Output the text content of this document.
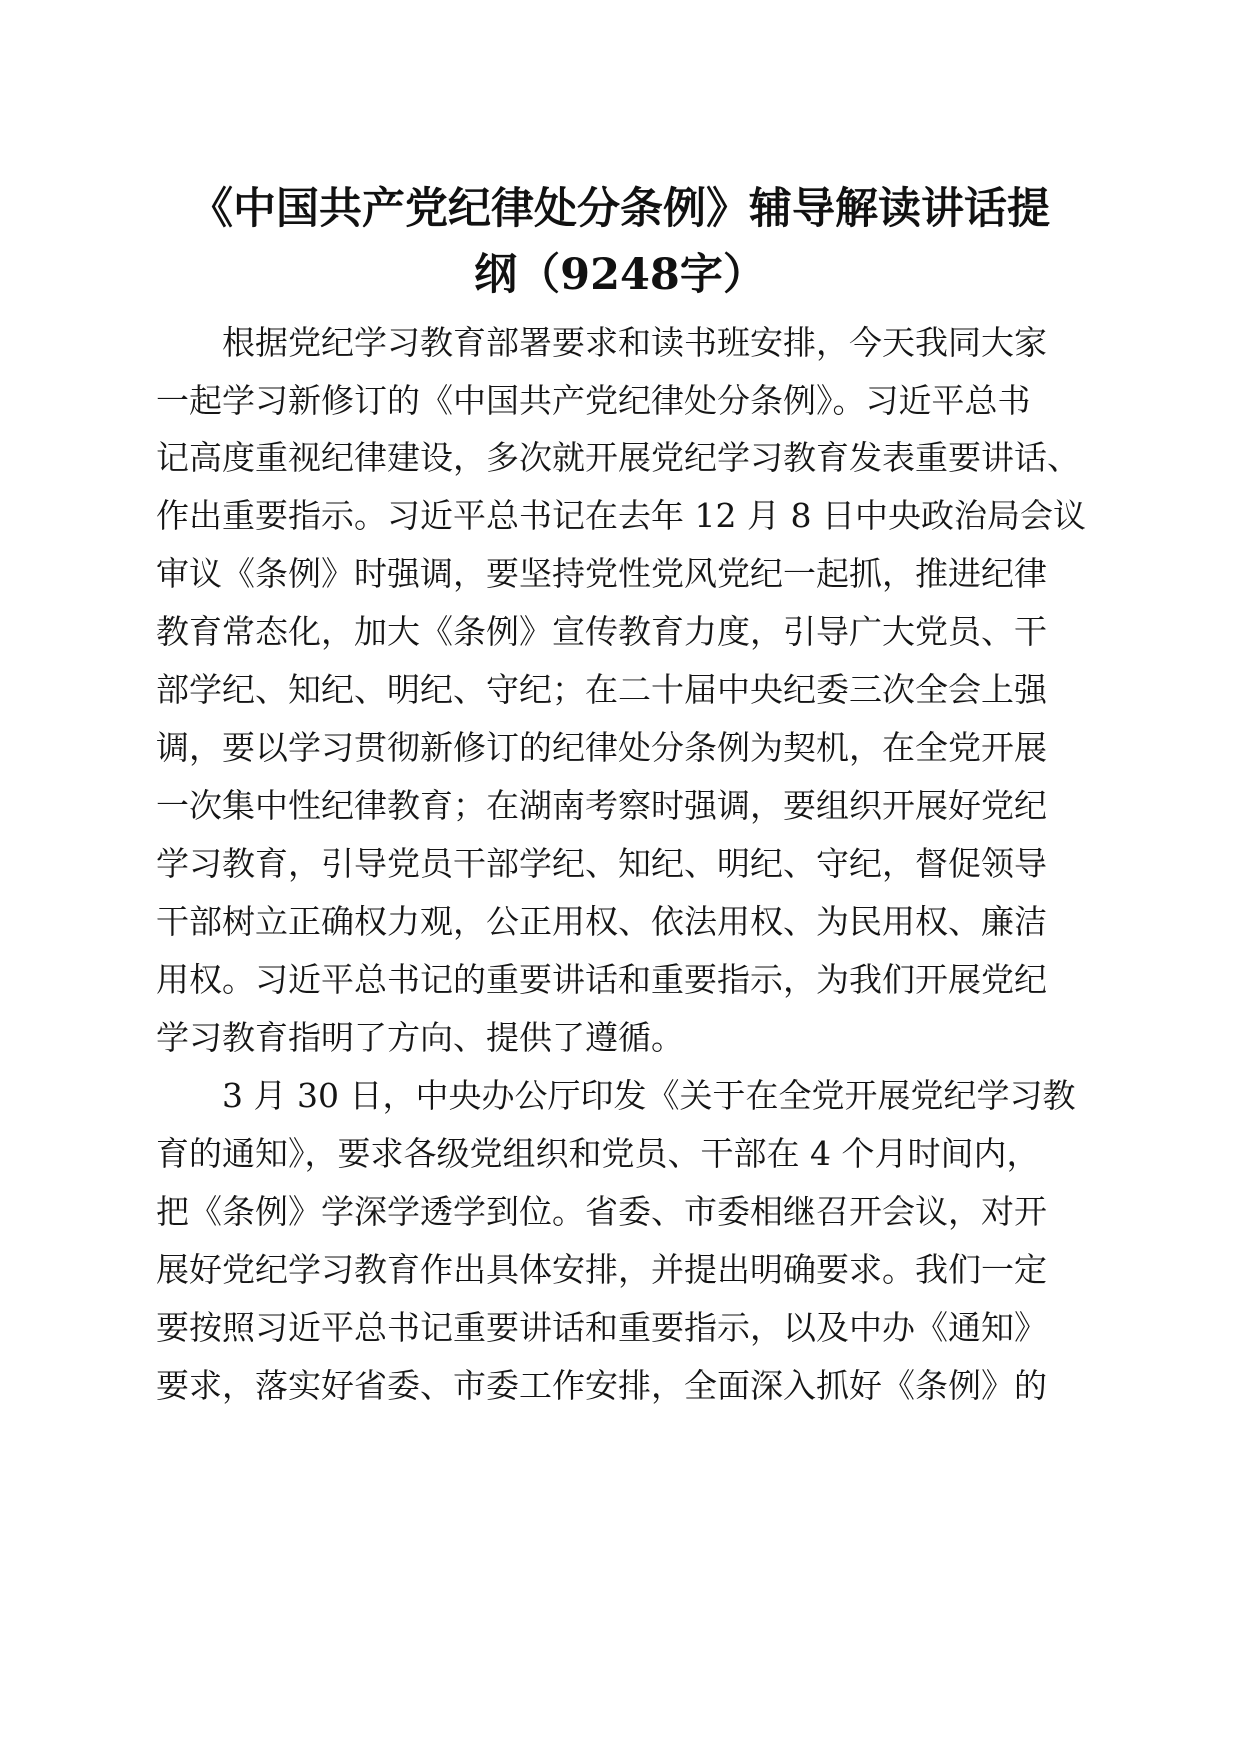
《中国共产党纪律处分条例》辅导解读讲话提
纲（9248字）

根据党纪学习教育部署要求和读书班安排，今天我同大家

一起学习新修订的《中国共产党纪律处分条例》。习近平总书

记高度重视纪律建设，多次就开展党纪学习教育发表重要讲话、

作出重要指示。习近平总书记在去年 12 月 8 日中央政治局会议

审议《条例》时强调，要坚持党性党风党纪一起抓，推进纪律

教育常态化，加大《条例》宣传教育力度，引导广大党员、干

部学纪、知纪、明纪、守纪；在二十届中央纪委三次全会上强

调，要以学习贯彻新修订的纪律处分条例为契机，在全党开展

一次集中性纪律教育；在湖南考察时强调，要组织开展好党纪

学习教育，引导党员干部学纪、知纪、明纪、守纪，督促领导

干部树立正确权力观，公正用权、依法用权、为民用权、廉洁

用权。习近平总书记的重要讲话和重要指示，为我们开展党纪

学习教育指明了方向、提供了遵循。

3 月 30 日，中央办公厅印发《关于在全党开展党纪学习教

育的通知》，要求各级党组织和党员、干部在 4 个月时间内，

把《条例》学深学透学到位。省委、市委相继召开会议，对开

展好党纪学习教育作出具体安排，并提出明确要求。我们一定

要按照习近平总书记重要讲话和重要指示，以及中办《通知》

要求，落实好省委、市委工作安排，全面深入抓好《条例》的
